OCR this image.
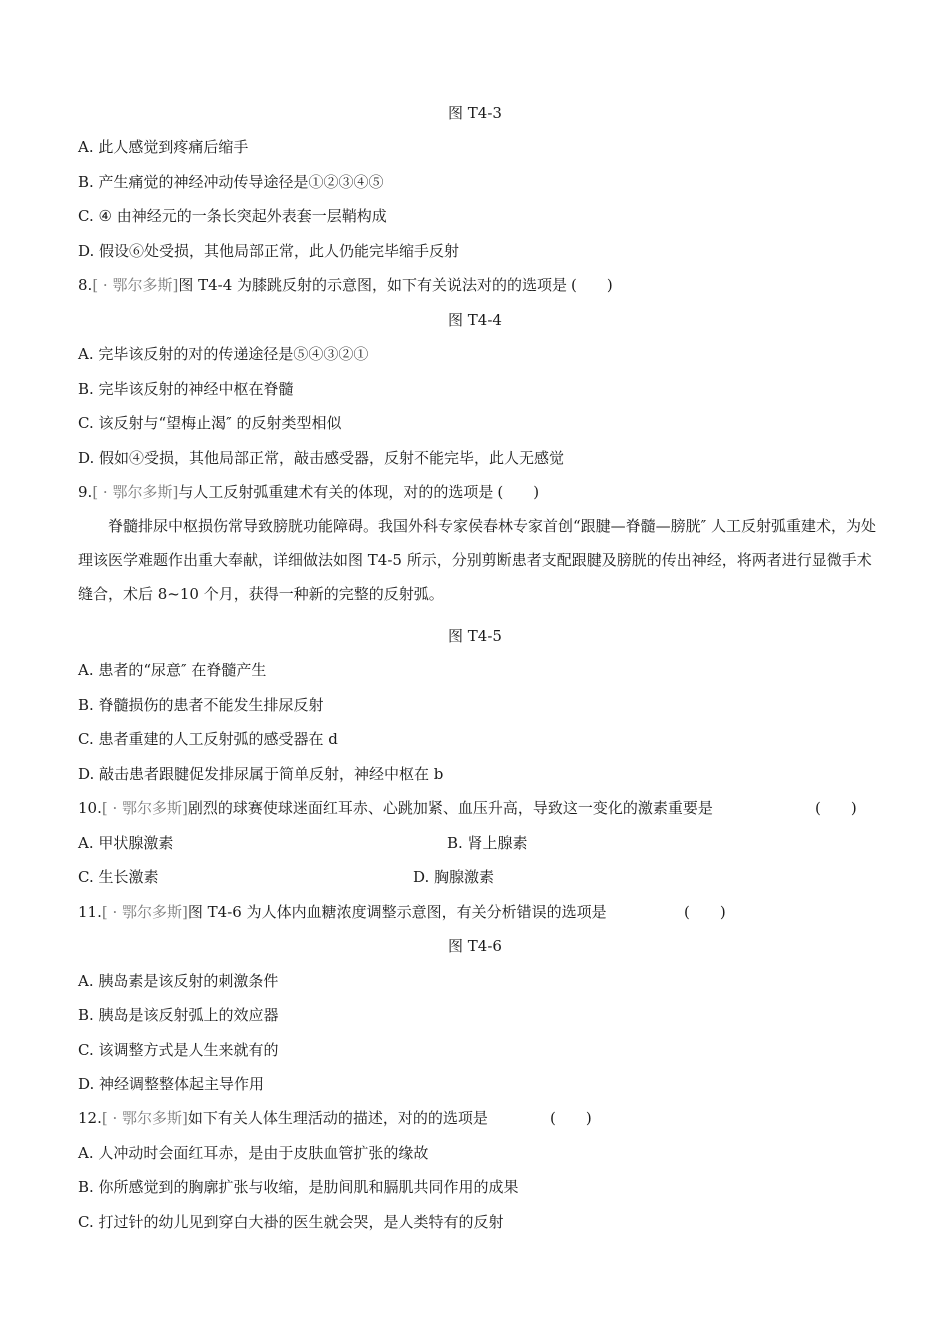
图 T4-3
A. 此人感觉到疼痛后缩手
B. 产生痛觉的神经冲动传导途径是①②③④⑤
C. ④ 由神经元的一条长突起外表套一层鞘构成
D. 假设⑥处受损，其他局部正常，此人仍能完毕缩手反射
8.[ · 鄂尔多斯]图 T4-4 为膝跳反射的示意图，如下有关说法对的的选项是 (　　)
图 T4-4
A. 完毕该反射的对的传递途径是⑤④③②①
B. 完毕该反射的神经中枢在脊髓
C. 该反射与“望梅止渴″ 的反射类型相似
D. 假如④受损，其他局部正常，敲击感受器，反射不能完毕，此人无感觉
9.[ · 鄂尔多斯]与人工反射弧重建术有关的体现，对的的选项是 (　　)
脊髓排尿中枢损伤常导致膀胱功能障碍。我国外科专家侯春林专家首创“跟腱—脊髓—膀胱″ 人工反射弧重建术，为处理该医学难题作出重大奉献，详细做法如图 T4-5 所示，分别剪断患者支配跟腱及膀胱的传出神经，将两者进行显微手术缝合，术后 8~10 个月，获得一种新的完整的反射弧。
图 T4-5
A. 患者的“尿意″ 在脊髓产生
B. 脊髓损伤的患者不能发生排尿反射
C. 患者重建的人工反射弧的感受器在 d
D. 敲击患者跟腱促发排尿属于简单反射，神经中枢在 b
10.[ · 鄂尔多斯]剧烈的球赛使球迷面红耳赤、心跳加紧、血压升高，导致这一变化的激素重要是	(　　)
A. 甲状腺激素	B. 肾上腺素
C. 生长激素	D. 胸腺激素
11.[ · 鄂尔多斯]图 T4-6 为人体内血糖浓度调整示意图，有关分析错误的选项是	(　　)
图 T4-6
A. 胰岛素是该反射的刺激条件
B. 胰岛是该反射弧上的效应器
C. 该调整方式是人生来就有的
D. 神经调整整体起主导作用
12.[ · 鄂尔多斯]如下有关人体生理活动的描述，对的的选项是	(　　)
A. 人冲动时会面红耳赤，是由于皮肤血管扩张的缘故
B. 你所感觉到的胸廓扩张与收缩，是肋间肌和膈肌共同作用的成果
C. 打过针的幼儿见到穿白大褂的医生就会哭，是人类特有的反射
